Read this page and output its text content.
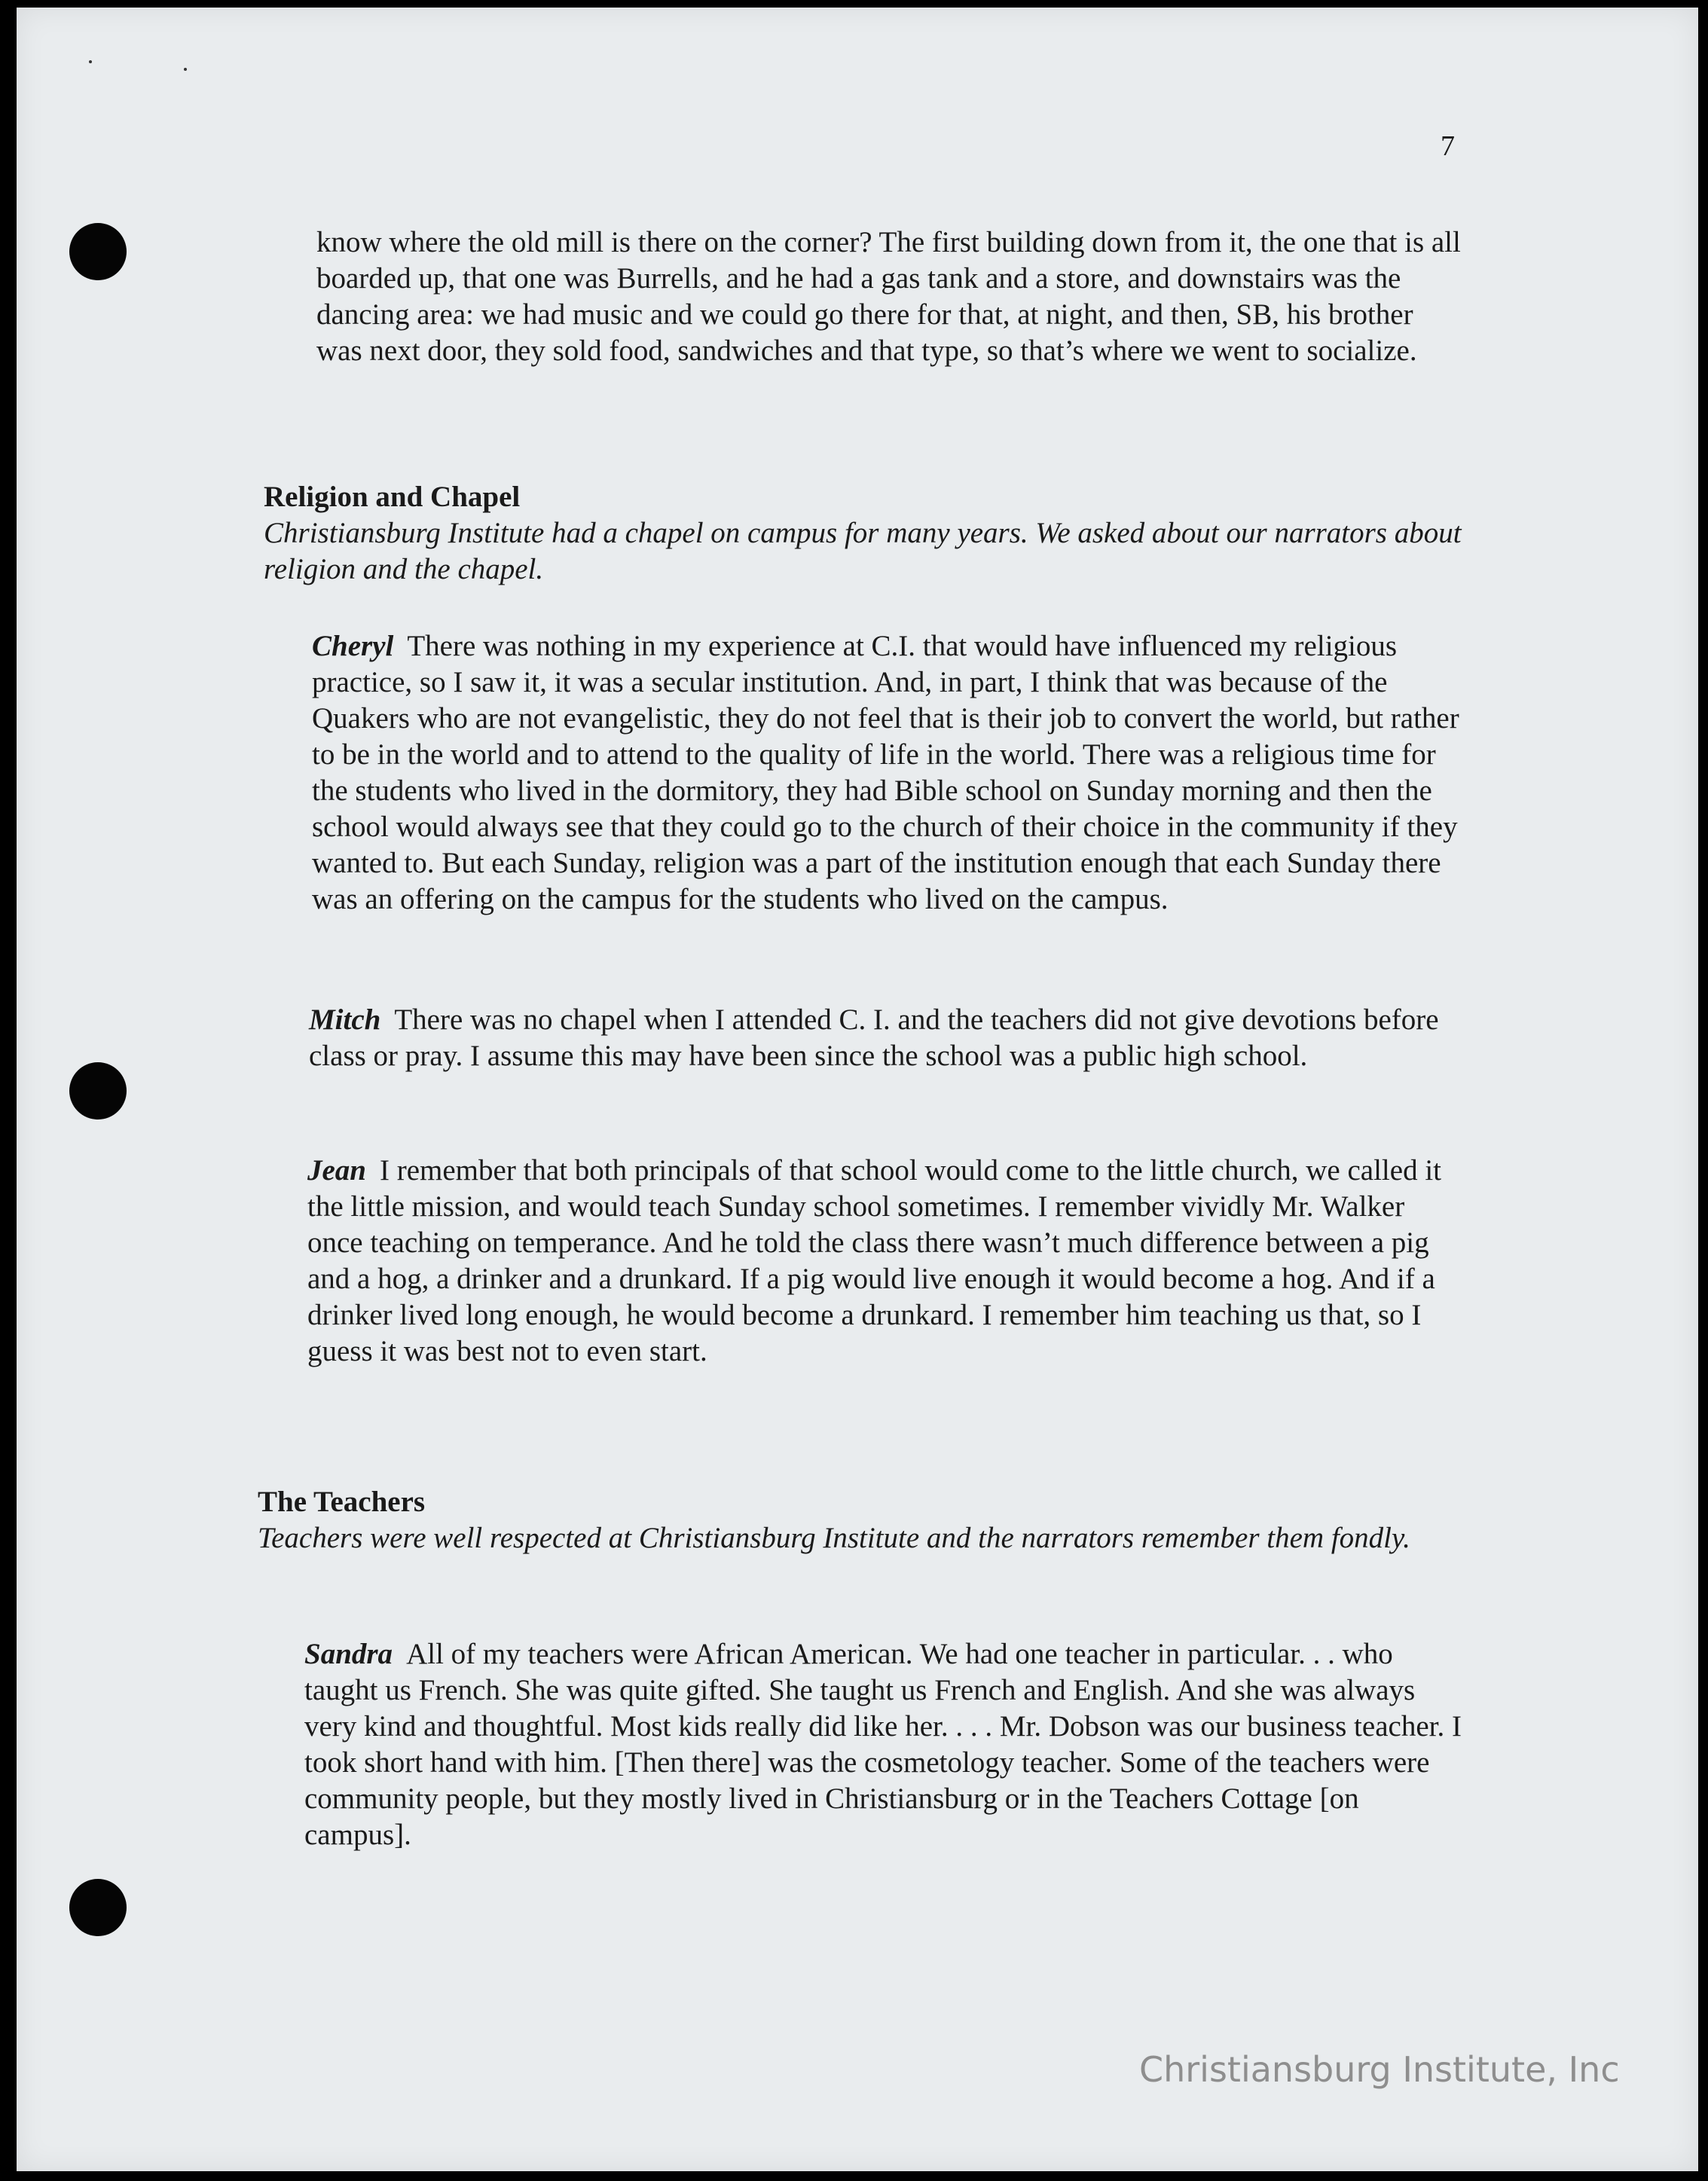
7

know where the old mill is there on the corner? The first building down from it, the one that is all boarded up, that one was Burrells, and he had a gas tank and a store, and downstairs was the dancing area: we had music and we could go there for that, at night, and then, SB, his brother was next door, they sold food, sandwiches and that type, so that’s where we went to socialize.

Religion and Chapel

Christiansburg Institute had a chapel on campus for many years. We asked about our narrators about religion and the chapel.

Cheryl There was nothing in my experience at C.I. that would have influenced my religious practice, so I saw it, it was a secular institution. And, in part, I think that was because of the Quakers who are not evangelistic, they do not feel that is their job to convert the world, but rather to be in the world and to attend to the quality of life in the world. There was a religious time for the students who lived in the dormitory, they had Bible school on Sunday morning and then the school would always see that they could go to the church of their choice in the community if they wanted to. But each Sunday, religion was a part of the institution enough that each Sunday there was an offering on the campus for the students who lived on the campus.

Mitch There was no chapel when I attended C. I. and the teachers did not give devotions before class or pray. I assume this may have been since the school was a public high school.

Jean I remember that both principals of that school would come to the little church, we called it the little mission, and would teach Sunday school sometimes. I remember vividly Mr. Walker once teaching on temperance. And he told the class there wasn’t much difference between a pig and a hog, a drinker and a drunkard. If a pig would live enough it would become a hog. And if a drinker lived long enough, he would become a drunkard. I remember him teaching us that, so I guess it was best not to even start.

The Teachers

Teachers were well respected at Christiansburg Institute and the narrators remember them fondly.

Sandra All of my teachers were African American. We had one teacher in particular. . . who taught us French. She was quite gifted. She taught us French and English. And she was always very kind and thoughtful. Most kids really did like her. . . . Mr. Dobson was our business teacher. I took short hand with him. [Then there] was the cosmetology teacher. Some of the teachers were community people, but they mostly lived in Christiansburg or in the Teachers Cottage [on campus].

Christiansburg Institute, Inc
